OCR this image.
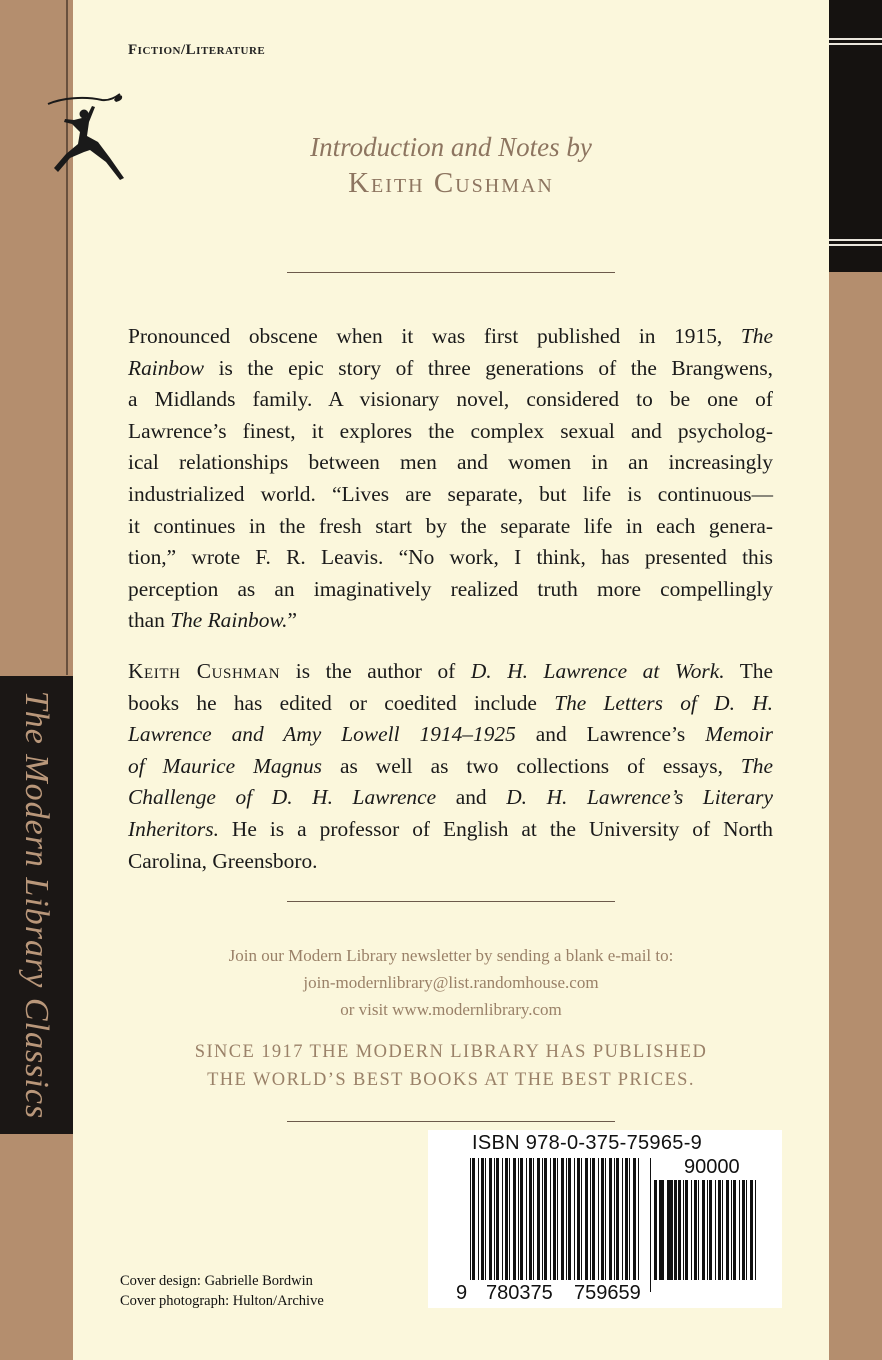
The Modern Library Classics
Fiction/Literature
Introduction and Notes by
Keith Cushman
Pronounced obscene when it was first published in 1915, The
Rainbow is the epic story of three generations of the Brangwens,
a Midlands family. A visionary novel, considered to be one of
Lawrence’s finest, it explores the complex sexual and psycholog-
ical relationships between men and women in an increasingly
industrialized world. “Lives are separate, but life is continuous—
it continues in the fresh start by the separate life in each genera-
tion,” wrote F. R. Leavis. “No work, I think, has presented this
perception as an imaginatively realized truth more compellingly
than The Rainbow.”
Keith Cushman is the author of D. H. Lawrence at Work. The
books he has edited or coedited include The Letters of D. H.
Lawrence and Amy Lowell 1914–1925 and Lawrence’s Memoir
of Maurice Magnus as well as two collections of essays, The
Challenge of D. H. Lawrence and D. H. Lawrence’s Literary
Inheritors. He is a professor of English at the University of North
Carolina, Greensboro.
Join our Modern Library newsletter by sending a blank e-mail to:
join-modernlibrary@list.randomhouse.com
or visit www.modernlibrary.com
SINCE 1917 THE MODERN LIBRARY HAS PUBLISHED
THE WORLD’S BEST BOOKS AT THE BEST PRICES.
ISBN 978-0-375-75965-9
90000
9 780375 759659
Cover design: Gabrielle Bordwin
Cover photograph: Hulton/Archive
